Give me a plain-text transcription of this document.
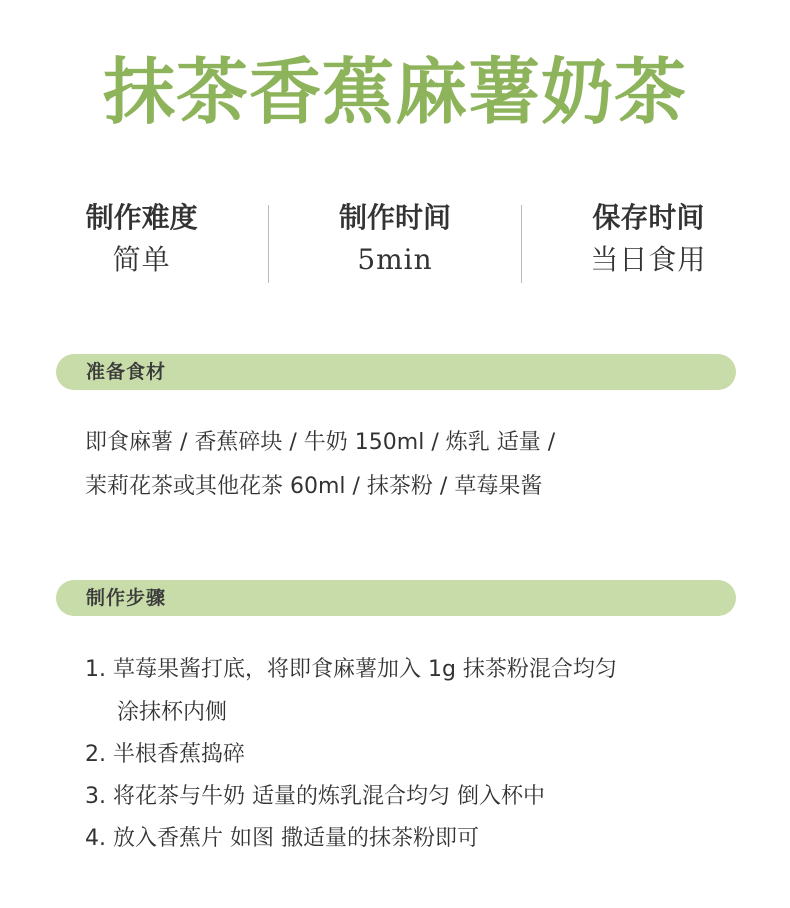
抹茶香蕉麻薯奶茶
制作难度
简单
制作时间
5min
保存时间
当日食用
准备食材
即食麻薯 / 香蕉碎块 / 牛奶 150ml / 炼乳 适量 /
茉莉花茶或其他花茶 60ml / 抹茶粉 / 草莓果酱
制作步骤
1. 草莓果酱打底，将即食麻薯加入 1g 抹茶粉混合均匀
涂抹杯内侧
2. 半根香蕉捣碎
3. 将花茶与牛奶 适量的炼乳混合均匀 倒入杯中
4. 放入香蕉片 如图 撒适量的抹茶粉即可
